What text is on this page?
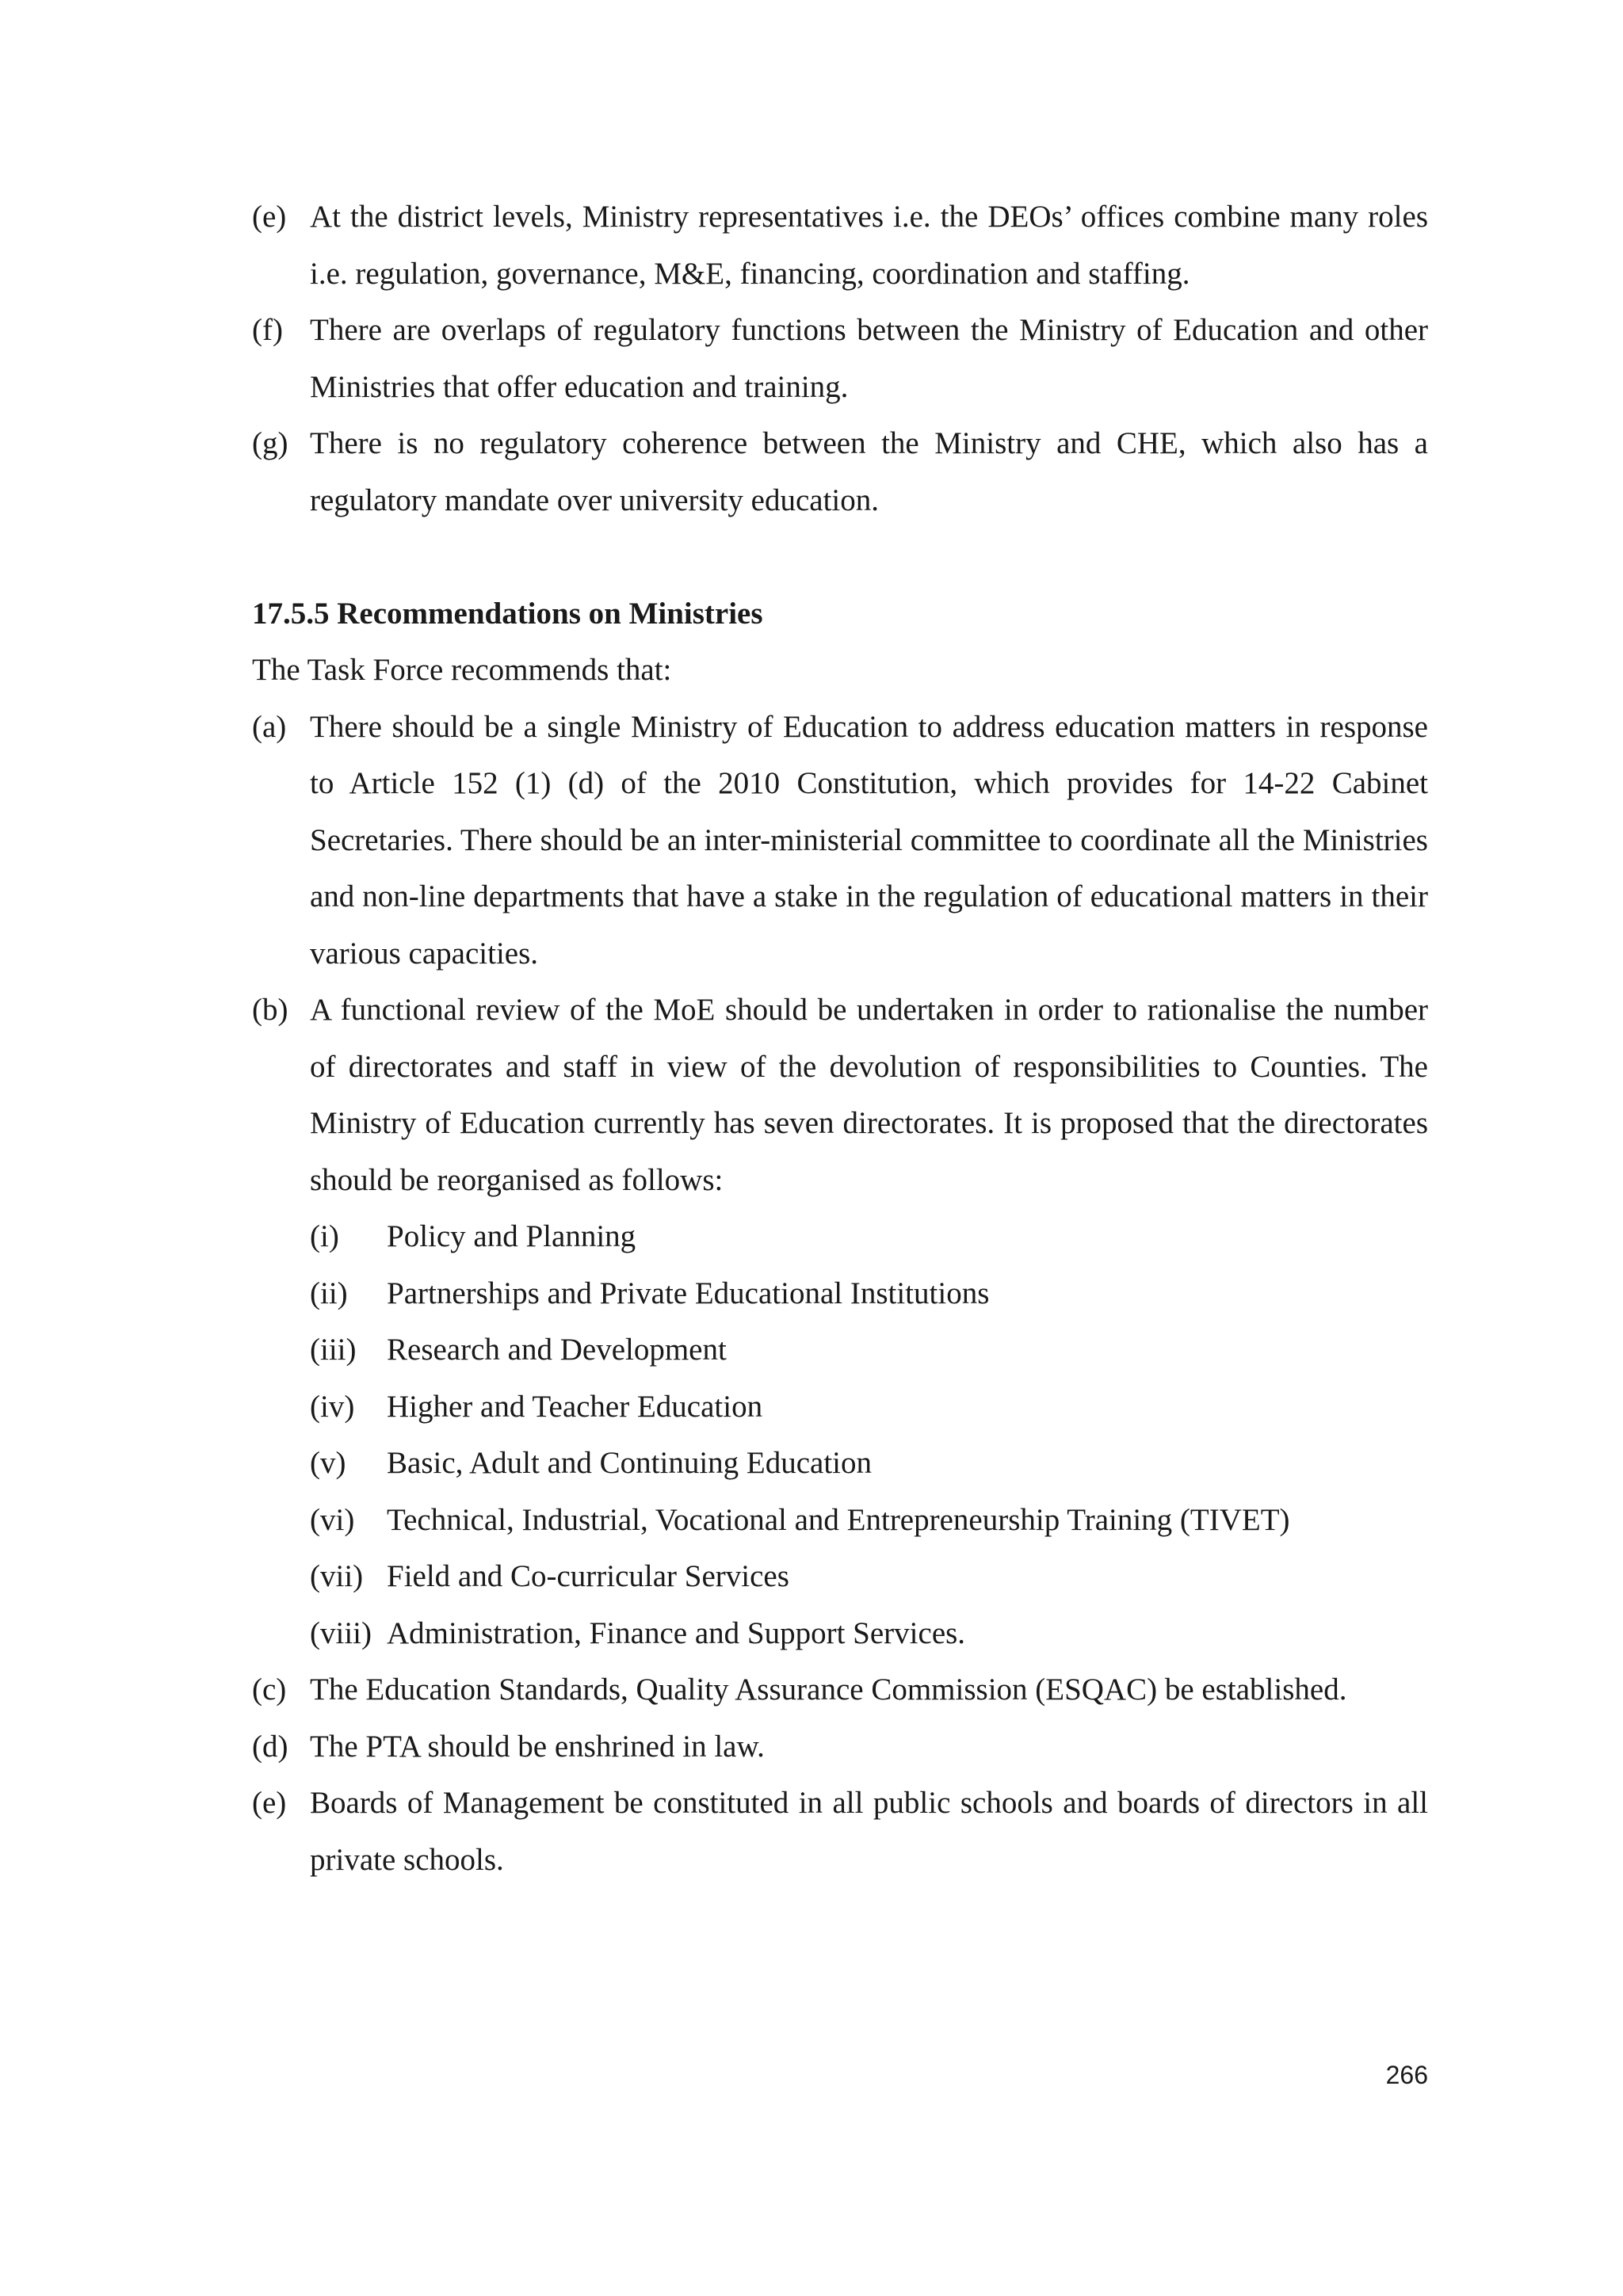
(e) At the district levels, Ministry representatives i.e. the DEOs’ offices combine many roles i.e. regulation, governance, M&E, financing, coordination and staffing.
(f) There are overlaps of regulatory functions between the Ministry of Education and other Ministries that offer education and training.
(g) There is no regulatory coherence between the Ministry and CHE, which also has a regulatory mandate over university education.
17.5.5 Recommendations on Ministries
The Task Force recommends that:
(a) There should be a single Ministry of Education to address education matters in response to Article 152 (1) (d) of the 2010 Constitution, which provides for 14-22 Cabinet Secretaries. There should be an inter-ministerial committee to coordinate all the Ministries and non-line departments that have a stake in the regulation of educational matters in their various capacities.
(b) A functional review of the MoE should be undertaken in order to rationalise the number of directorates and staff in view of the devolution of responsibilities to Counties. The Ministry of Education currently has seven directorates. It is proposed that the directorates should be reorganised as follows:
(i) Policy and Planning
(ii) Partnerships and Private Educational Institutions
(iii) Research and Development
(iv) Higher and Teacher Education
(v) Basic, Adult and Continuing Education
(vi) Technical, Industrial, Vocational and Entrepreneurship Training (TIVET)
(vii) Field and Co-curricular Services
(viii) Administration, Finance and Support Services.
(c) The Education Standards, Quality Assurance Commission (ESQAC) be established.
(d) The PTA should be enshrined in law.
(e) Boards of Management be constituted in all public schools and boards of directors in all private schools.
266
